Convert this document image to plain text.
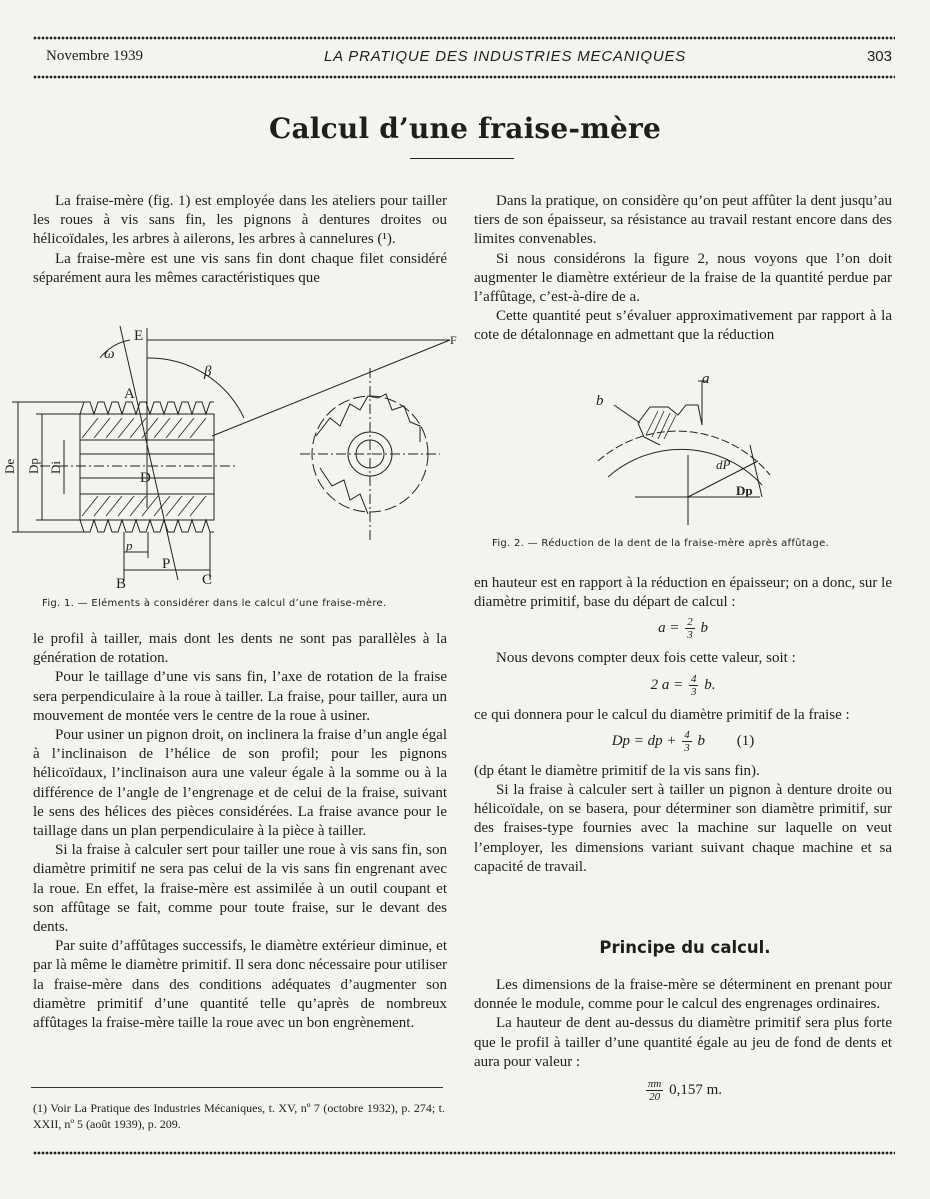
Novembre 1939	LA PRATIQUE DES INDUSTRIES MECANIQUES	303
Calcul d’une fraise-mère

La fraise-mère (fig. 1) est employée dans les ateliers pour tailler les roues à vis sans fin, les pignons à dentures droites ou hélicoïdales, les arbres à ailerons, les arbres à cannelures (¹).

La fraise-mère est une vis sans fin dont chaque filet considéré séparément aura les mêmes caractéristiques que

E	F
ω
β
A
D
p
P
B	C
De Dp Di
Fig. 1. — Eléments à considérer dans le calcul d’une fraise-mère.

le profil à tailler, mais dont les dents ne sont pas parallèles à la génération de rotation.

Pour le taillage d’une vis sans fin, l’axe de rotation de la fraise sera perpendiculaire à la roue à tailler. La fraise, pour tailler, aura un mouvement de montée vers le centre de la roue à usiner.

Pour usiner un pignon droit, on inclinera la fraise d’un angle égal à l’inclinaison de l’hélice de son profil; pour les pignons hélicoïdaux, l’inclinaison aura une valeur égale à la somme ou à la différence de l’angle de l’engrenage et de celui de la fraise, suivant le sens des hélices des pièces considérées. La fraise avance pour le taillage dans un plan perpendiculaire à la pièce à tailler.

Si la fraise à calculer sert pour tailler une roue à vis sans fin, son diamètre primitif ne sera pas celui de la vis sans fin engrenant avec la roue. En effet, la fraise-mère est assimilée à un outil coupant et son affûtage se fait, comme pour toute fraise, sur le devant des dents.

Par suite d’affûtages successifs, le diamètre extérieur diminue, et par là même le diamètre primitif. Il sera donc nécessaire pour utiliser la fraise-mère dans des conditions adéquates d’augmenter son diamètre primitif d’une quantité telle qu’après de nombreux affûtages la fraise-mère taille la roue avec un bon engrènement.

(1) Voir La Pratique des Industries Mécaniques, t. XV, nº 7 (octobre 1932), p. 274; t. XXII, nº 5 (août 1939), p. 209.

Dans la pratique, on considère qu’on peut affûter la dent jusqu’au tiers de son épaisseur, sa résistance au travail restant encore dans des limites convenables.

Si nous considérons la figure 2, nous voyons que l’on doit augmenter le diamètre extérieur de la fraise de la quantité perdue par l’affûtage, c’est-à-dire de a.

Cette quantité peut s’évaluer approximativement par rapport à la cote de détalonnage en admettant que la réduction

a
b
dP
Dp
Fig. 2. — Réduction de la dent de la fraise-mère après affûtage.

en hauteur est en rapport à la réduction en épaisseur; on a donc, sur le diamètre primitif, base du départ de calcul :

$a = \frac{2}{3}$ b

Nous devons compter deux fois cette valeur, soit :

2 $a = \frac{4}{3} b$.

ce qui donnera pour le calcul du diamètre primitif de la fraise :

Dp = dp + $\frac{4}{3}$ b (1)

(dp étant le diamètre primitif de la vis sans fin).

Si la fraise à calculer sert à tailler un pignon à denture droite ou hélicoïdale, on se basera, pour déterminer son diamètre primitif, sur des fraises-type fournies avec la machine sur laquelle on veut l’employer, les dimensions variant suivant chaque machine et sa capacité de travail.

Principe du calcul.

Les dimensions de la fraise-mère se déterminent en prenant pour donnée le module, comme pour le calcul des engrenages ordinaires.

La hauteur de dent au-dessus du diamètre primitif sera plus forte que le profil à tailler d’une quantité égale au jeu de fond de dents et aura pour valeur :

$\frac{\pi m}{20} 0,157$ m.
